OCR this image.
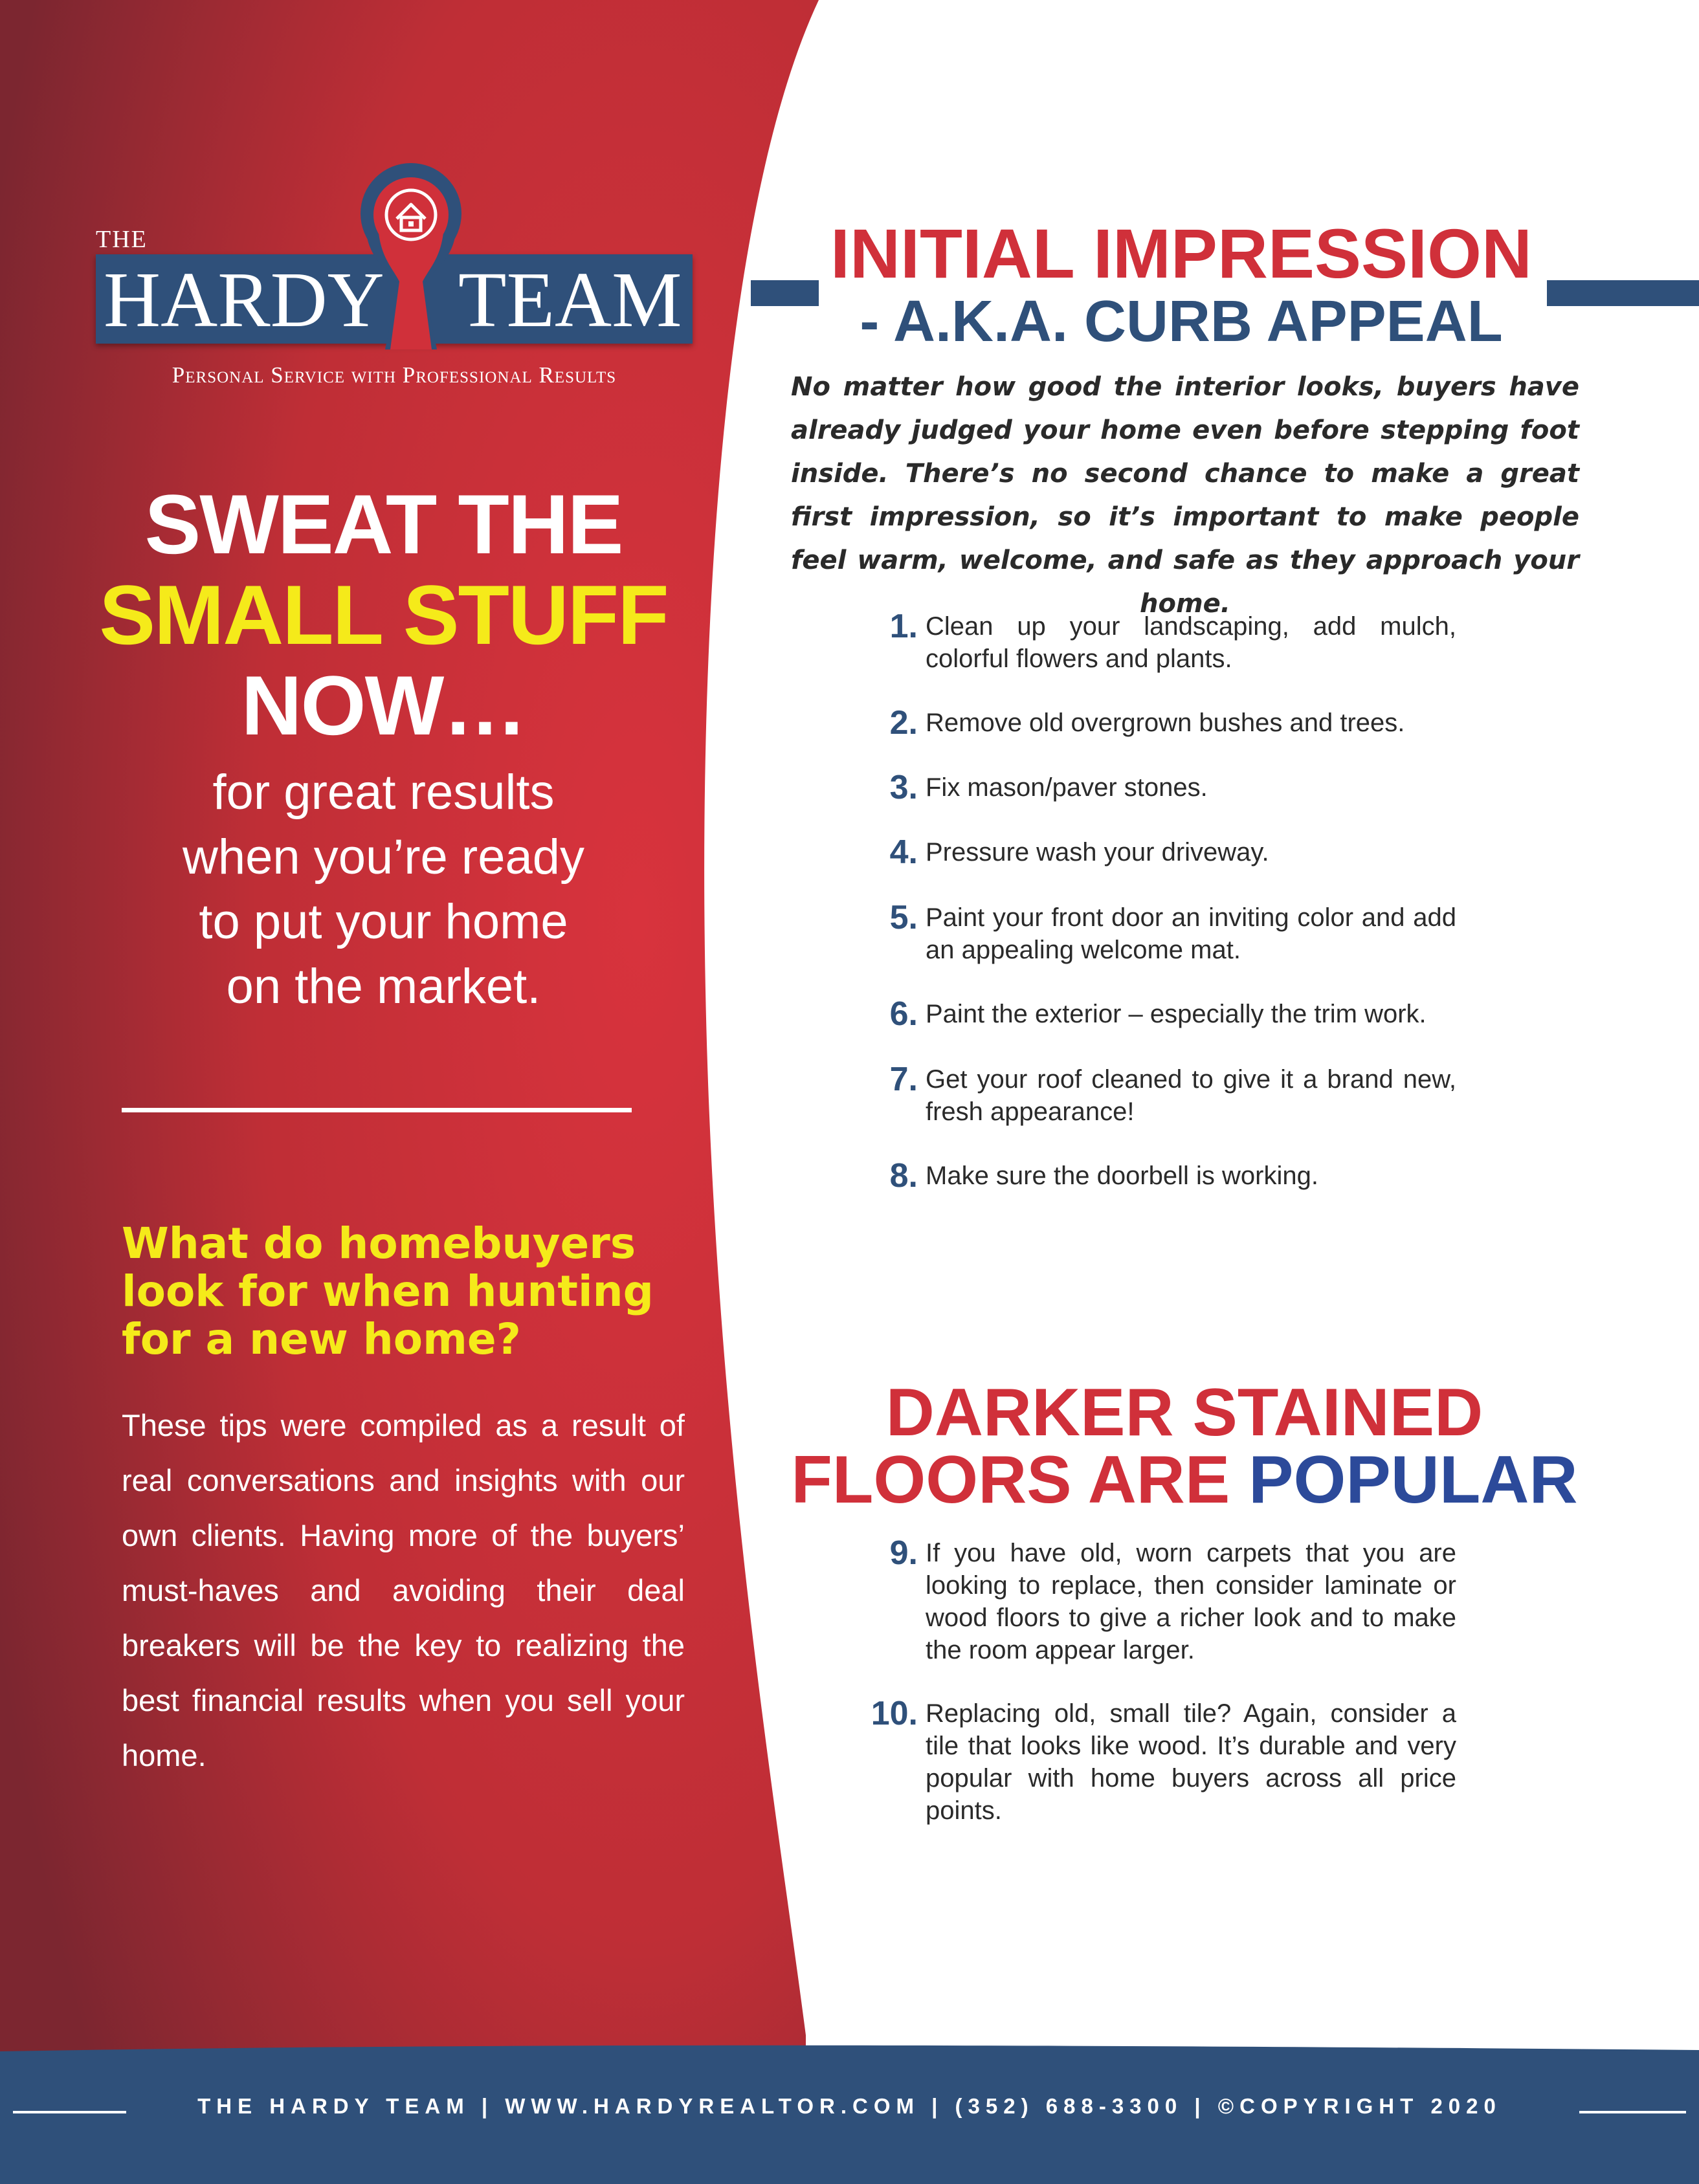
THE
HARDY TEAM
Personal Service with Professional Results
SWEAT THE
SMALL STUFF
NOW…
for great results
when you’re ready
to put your home
on the market.
What do homebuyers
look for when hunting
for a new home?
These tips were compiled as a result of real conversations and insights with our own clients. Having more of the buyers’ must-haves and avoiding their deal breakers will be the key to realizing the best financial results when you sell your home.
INITIAL IMPRESSION
- A.K.A. CURB APPEAL
No matter how good the interior looks, buyers have already judged your home even before stepping foot inside. There’s no second chance to make a great first impression, so it’s important to make people feel warm, welcome, and safe as they approach your home.
1. Clean up your landscaping, add mulch, colorful flowers and plants.
2. Remove old overgrown bushes and trees.
3. Fix mason/paver stones.
4. Pressure wash your driveway.
5. Paint your front door an inviting color and add an appealing welcome mat.
6. Paint the exterior – especially the trim work.
7. Get your roof cleaned to give it a brand new, fresh appearance!
8. Make sure the doorbell is working.
DARKER STAINED
FLOORS ARE POPULAR
9. If you have old, worn carpets that you are looking to replace, then consider laminate or wood floors to give a richer look and to make the room appear larger.
10. Replacing old, small tile? Again, consider a tile that looks like wood. It’s durable and very popular with home buyers across all price points.
THE HARDY TEAM | WWW.HARDYREALTOR.COM | (352) 688-3300 | ©COPYRIGHT 2020
